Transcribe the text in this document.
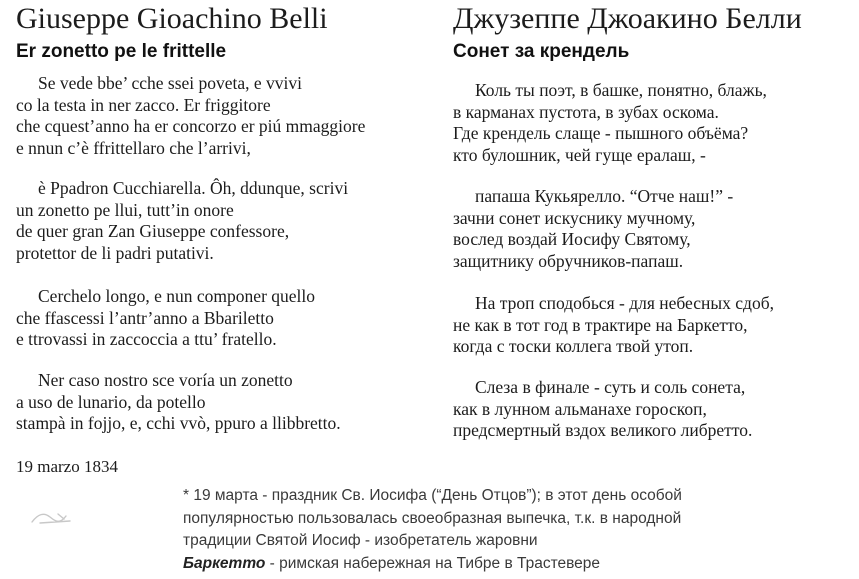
Giuseppe Gioachino Belli
Er zonetto pe le frittelle
Se vede bbe’ cche ssei poveta, e vvivi
co la testa in ner zacco. Er friggitore
che cquest’anno ha er concorzo er piú mmaggiore
e nnun c’è ffrittellaro che l’arrivi,
è Ppadron Cucchiarella. Ôh, ddunque, scrivi
un zonetto pe llui, tutt’in onore
de quer gran Zan Giuseppe confessore,
protettor de li padri putativi.
Cerchelo longo, e nun componer quello
che ffascessi l’antr’anno a Bbariletto
e ttrovassi in zaccoccia a ttu’ fratello.
Ner caso nostro sce voría un zonetto
a uso de lunario, da potello
stampà in fojjo, e, cchi vvò, ppuro a llibbretto.
Джузеппе Джоакино Белли
Сонет за крендель
Коль ты поэт, в башке, понятно, блажь,
в карманах пустота, в зубах оскома.
Где крендель слаще - пышного объёма?
кто булошник, чей гуще ералаш, -
папаша Кукьярелло. “Отче наш!” -
зачни сонет искуснику мучному,
вослед воздай Иосифу Святому,
защитнику обручников-папаш.
На троп сподобься - для небесных сдоб,
не как в тот год в трактире на Баркетто,
когда с тоски коллега твой утоп.
Слеза в финале - суть и соль сонета,
как в лунном альманахе гороскоп,
предсмертный вздох великого либретто.
19 marzo 1834
* 19 марта - праздник Св. Иосифа (“День Отцов”); в этот день особой
популярностью пользовалась своеобразная выпечка, т.к. в народной
традиции Святой Иосиф - изобретатель жаровни
Баркетто - римская набережная на Тибре в Трастевере
